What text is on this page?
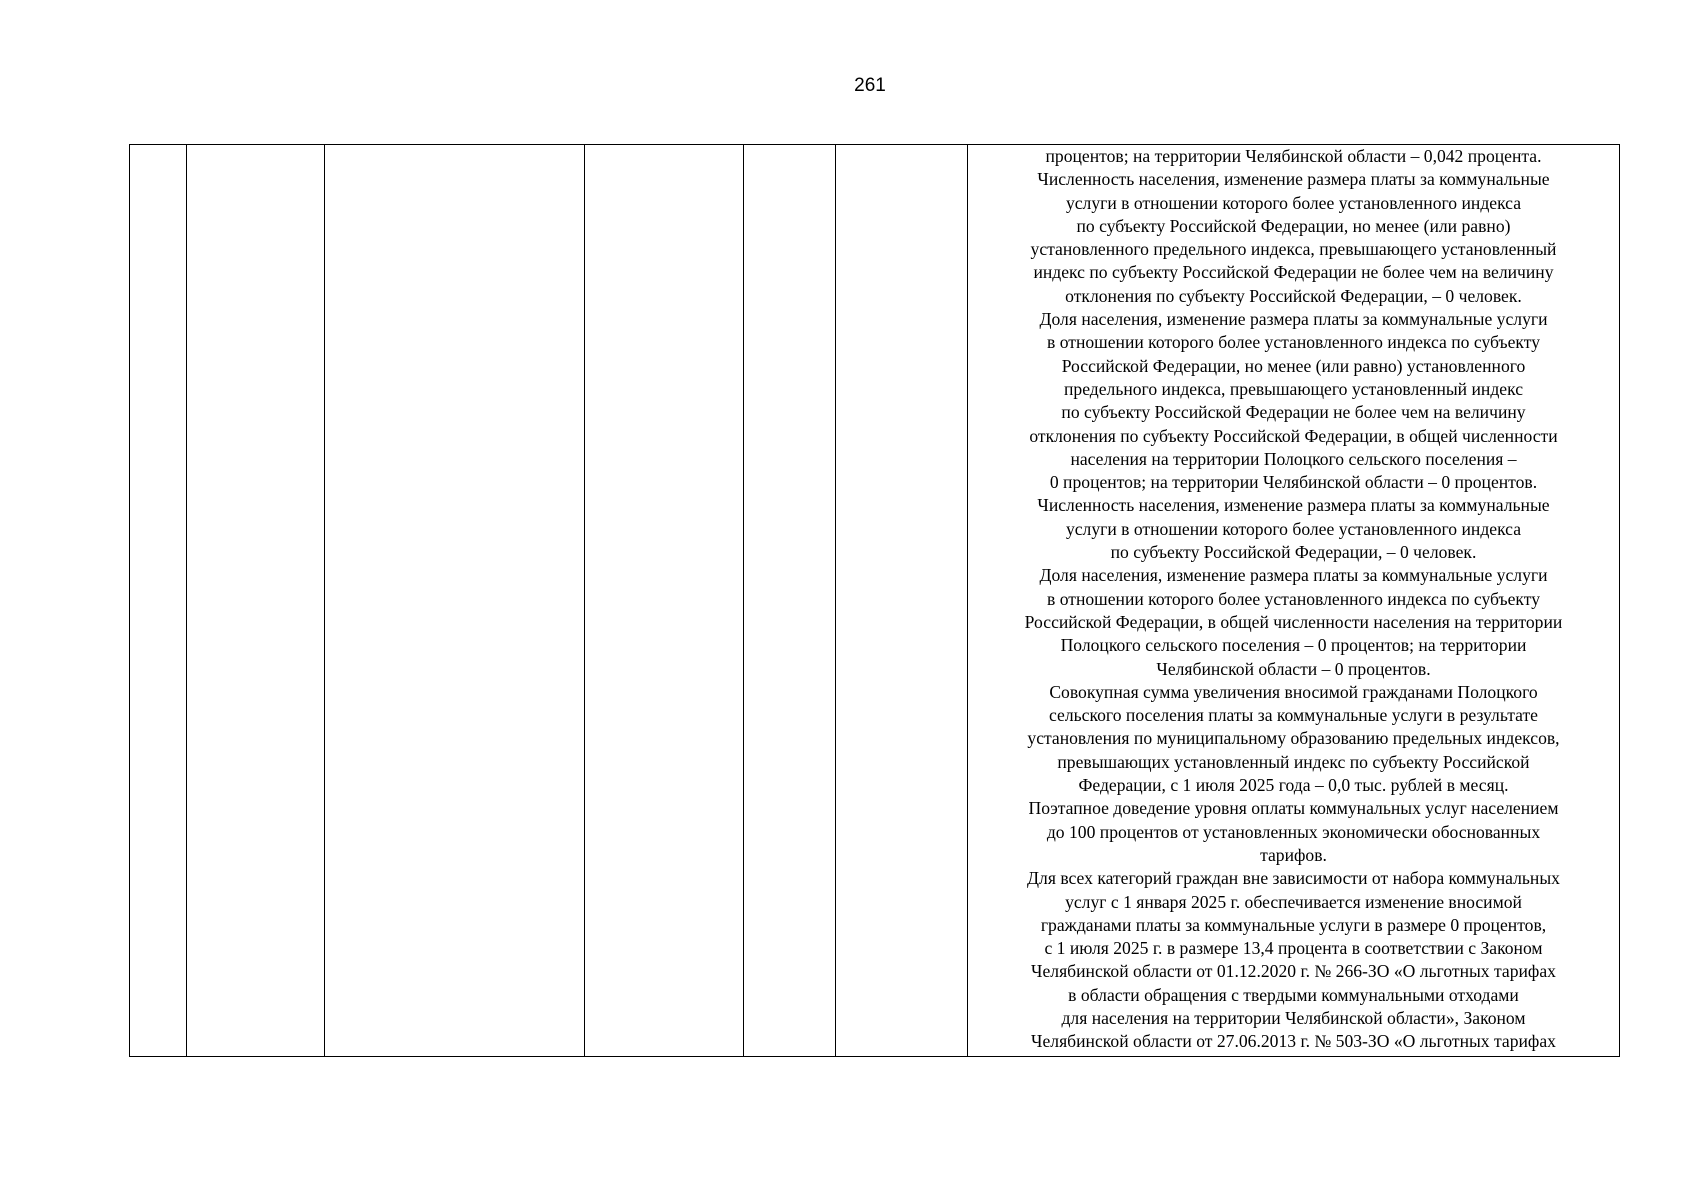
261

процентов; на территории Челябинской области – 0,042 процента.
Численность населения, изменение размера платы за коммунальные
услуги в отношении которого более установленного индекса
по субъекту Российской Федерации, но менее (или равно)
установленного предельного индекса, превышающего установленный
индекс по субъекту Российской Федерации не более чем на величину
отклонения по субъекту Российской Федерации, – 0 человек.
Доля населения, изменение размера платы за коммунальные услуги
в отношении которого более установленного индекса по субъекту
Российской Федерации, но менее (или равно) установленного
предельного индекса, превышающего установленный индекс
по субъекту Российской Федерации не более чем на величину
отклонения по субъекту Российской Федерации, в общей численности
населения на территории Полоцкого сельского поселения –
0 процентов; на территории Челябинской области – 0 процентов.
Численность населения, изменение размера платы за коммунальные
услуги в отношении которого более установленного индекса
по субъекту Российской Федерации, – 0 человек.
Доля населения, изменение размера платы за коммунальные услуги
в отношении которого более установленного индекса по субъекту
Российской Федерации, в общей численности населения на территории
Полоцкого сельского поселения – 0 процентов; на территории
Челябинской области – 0 процентов.
Совокупная сумма увеличения вносимой гражданами Полоцкого
сельского поселения платы за коммунальные услуги в результате
установления по муниципальному образованию предельных индексов,
превышающих установленный индекс по субъекту Российской
Федерации, с 1 июля 2025 года – 0,0 тыс. рублей в месяц.
Поэтапное доведение уровня оплаты коммунальных услуг населением
до 100 процентов от установленных экономически обоснованных
тарифов.
Для всех категорий граждан вне зависимости от набора коммунальных
услуг с 1 января 2025 г. обеспечивается изменение вносимой
гражданами платы за коммунальные услуги в размере 0 процентов,
с 1 июля 2025 г. в размере 13,4 процента в соответствии с Законом
Челябинской области от 01.12.2020 г. № 266-ЗО «О льготных тарифах
в области обращения с твердыми коммунальными отходами
для населения на территории Челябинской области», Законом
Челябинской области от 27.06.2013 г. № 503-ЗО «О льготных тарифах
